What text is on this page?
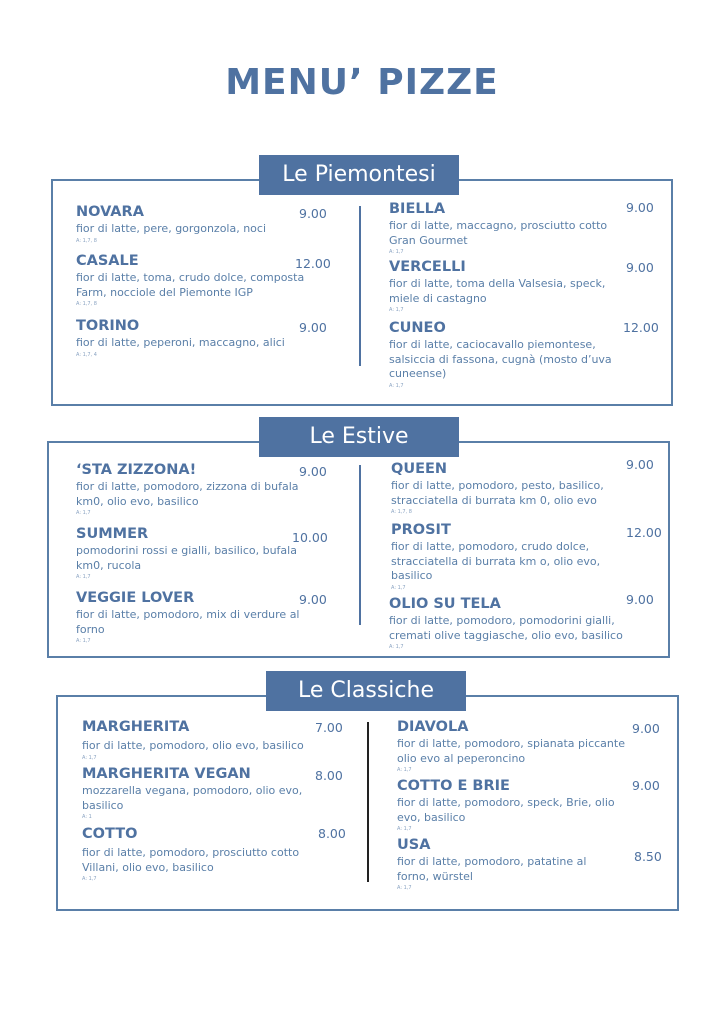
MENU’ PIZZE
Le Piemontesi
NOVARA
fior di latte, pere, gorgonzola, noci
A: 1,7, 8
9.00
CASALE
fior di latte, toma, crudo dolce, composta Farm, nocciole del Piemonte IGP
A: 1,7, 8
12.00
TORINO
fior di latte, peperoni, maccagno, alici
A: 1,7, 4
9.00
BIELLA
fior di latte, maccagno, prosciutto cotto Gran Gourmet
A: 1,7
9.00
VERCELLI
fior di latte, toma della Valsesia, speck, miele di castagno
A: 1,7
9.00
CUNEO
fior di latte, caciocavallo piemontese, salsiccia di fassona, cugnà (mosto d’uva cuneense)
A: 1,7
12.00
Le Estive
‘STA ZIZZONA!
fior di latte, pomodoro, zizzona di bufala km0, olio evo, basilico
A: 1,7
9.00
SUMMER
pomodorini rossi e gialli, basilico, bufala km0, rucola
A: 1,7
10.00
VEGGIE LOVER
fior di latte, pomodoro, mix di verdure al forno
A: 1,7
9.00
QUEEN
fior di latte, pomodoro, pesto, basilico, stracciatella di burrata km 0, olio evo
A: 1,7, 8
9.00
PROSIT
fior di latte, pomodoro, crudo dolce, stracciatella di burrata km o, olio evo, basilico
A: 1,7
12.00
OLIO SU TELA
fior di latte, pomodoro, pomodorini gialli, cremati olive taggiasche, olio evo, basilico
A: 1,7
9.00
Le Classiche
MARGHERITA
fior di latte, pomodoro, olio evo, basilico
A: 1,7
7.00
MARGHERITA VEGAN
mozzarella vegana, pomodoro, olio evo, basilico
A: 1
8.00
COTTO
fior di latte, pomodoro, prosciutto cotto Villani, olio evo, basilico
A: 1,7
8.00
DIAVOLA
fior di latte, pomodoro, spianata piccante olio evo al peperoncino
A: 1,7
9.00
COTTO E BRIE
fior di latte, pomodoro, speck, Brie, olio evo, basilico
A: 1,7
9.00
USA
fior di latte, pomodoro, patatine al forno, würstel
A: 1,7
8.50
